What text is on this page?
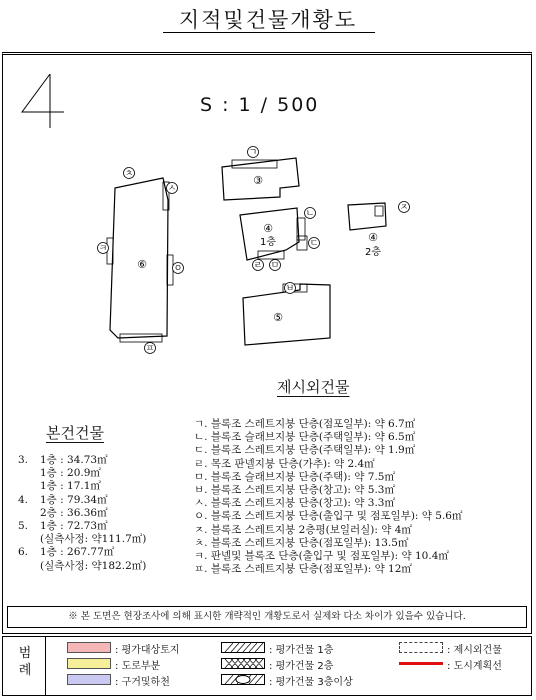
지적및건물개황도
S : 1 / 500
ㅊ
ㅅ
ㅋ
ㅇ
ㅍ
ㄱ
ㄴ
ㄷ
ㄹ ㅁ
ㅂ
ㅈ
⑥
③
④
1층	④
2층
⑤
제시외건물
ㄱ. 블록조 스레트지붕 단층(점포일부): 약 6.7㎡
ㄴ. 블록조 슬래브지붕 단층(주택일부): 약 6.5㎡
ㄷ. 블록조 스레트지붕 단층(주택일부): 약 1.9㎡
ㄹ. 목조 판넬지붕 단층(가추): 약 2.4㎡
ㅁ. 블록조 슬래브지붕 단층(주택): 약 7.5㎡
ㅂ. 블록조 스레트지붕 단층(창고): 약 5.3㎡
ㅅ. 블록조 스레트지붕 단층(창고): 약 3.3㎡
ㅇ. 블록조 스레트지붕 단층(출입구 및 점포일부): 약 5.6㎡
ㅈ. 블록조 스레트지붕 2층평(보일러실): 약 4㎡
ㅊ. 블록조 스레트지붕 단층(점포일부): 13.5㎡
ㅋ. 판넬및 블록조 단층(출입구 및 점포일부): 약 10.4㎡
ㅍ. 블록조 스레트지붕 단층(점포일부): 약 12㎡
본건건물
3.	1층 : 34.73㎡
1층 : 20.9㎡
1층 : 17.1㎡
4.	1층 : 79.34㎡
2층 : 36.36㎡
5.	1층 : 72.73㎡
(실측사정: 약111.7㎡)
6.	1층 : 267.77㎡
(실측사정: 약182.2㎡)
※ 본 도면은 현장조사에 의해 표시한 개략적인 개황도로서 실제와 다소 차이가 있을수 있습니다.
범례
: 평가대상토지
: 도로부분
: 구거및하천
: 평가건물 1층
: 평가건물 2층
: 평가건물 3층이상
: 제시외건물
: 도시계획선
